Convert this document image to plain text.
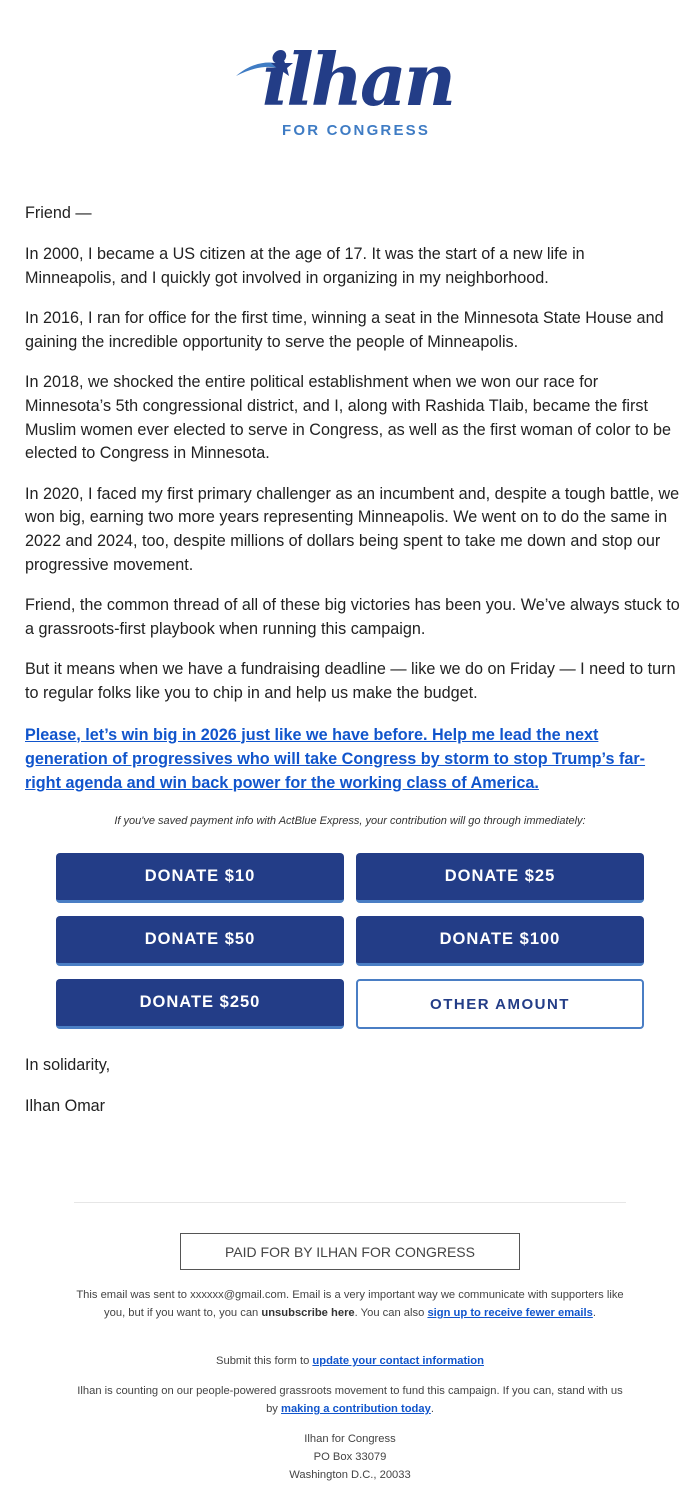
ilhan
FOR CONGRESS

Friend —

In 2000, I became a US citizen at the age of 17. It was the start of a new life in Minneapolis, and I quickly got involved in organizing in my neighborhood.

In 2016, I ran for office for the first time, winning a seat in the Minnesota State House and gaining the incredible opportunity to serve the people of Minneapolis.

In 2018, we shocked the entire political establishment when we won our race for Minnesota’s 5th congressional district, and I, along with Rashida Tlaib, became the first Muslim women ever elected to serve in Congress, as well as the first woman of color to be elected to Congress in Minnesota.

In 2020, I faced my first primary challenger as an incumbent and, despite a tough battle, we won big, earning two more years representing Minneapolis. We went on to do the same in 2022 and 2024, too, despite millions of dollars being spent to take me down and stop our progressive movement.

Friend, the common thread of all of these big victories has been you. We’ve always stuck to a grassroots-first playbook when running this campaign.

But it means when we have a fundraising deadline — like we do on Friday — I need to turn to regular folks like you to chip in and help us make the budget.

Please, let’s win big in 2026 just like we have before. Help me lead the next generation of progressives who will take Congress by storm to stop Trump’s far-right agenda and win back power for the working class of America.
If you've saved payment info with ActBlue Express, your contribution will go through immediately:
DONATE $10	DONATE $25
DONATE $50	DONATE $100
DONATE $250	OTHER AMOUNT
In solidarity,
Ilhan Omar
PAID FOR BY ILHAN FOR CONGRESS
This email was sent to xxxxxx@gmail.com. Email is a very important way we communicate with supporters like you, but if you want to, you can unsubscribe here. You can also sign up to receive fewer emails.
Submit this form to update your contact information
Ilhan is counting on our people-powered grassroots movement to fund this campaign. If you can, stand with us by making a contribution today.
Ilhan for Congress
PO Box 33079
Washington D.C., 20033
